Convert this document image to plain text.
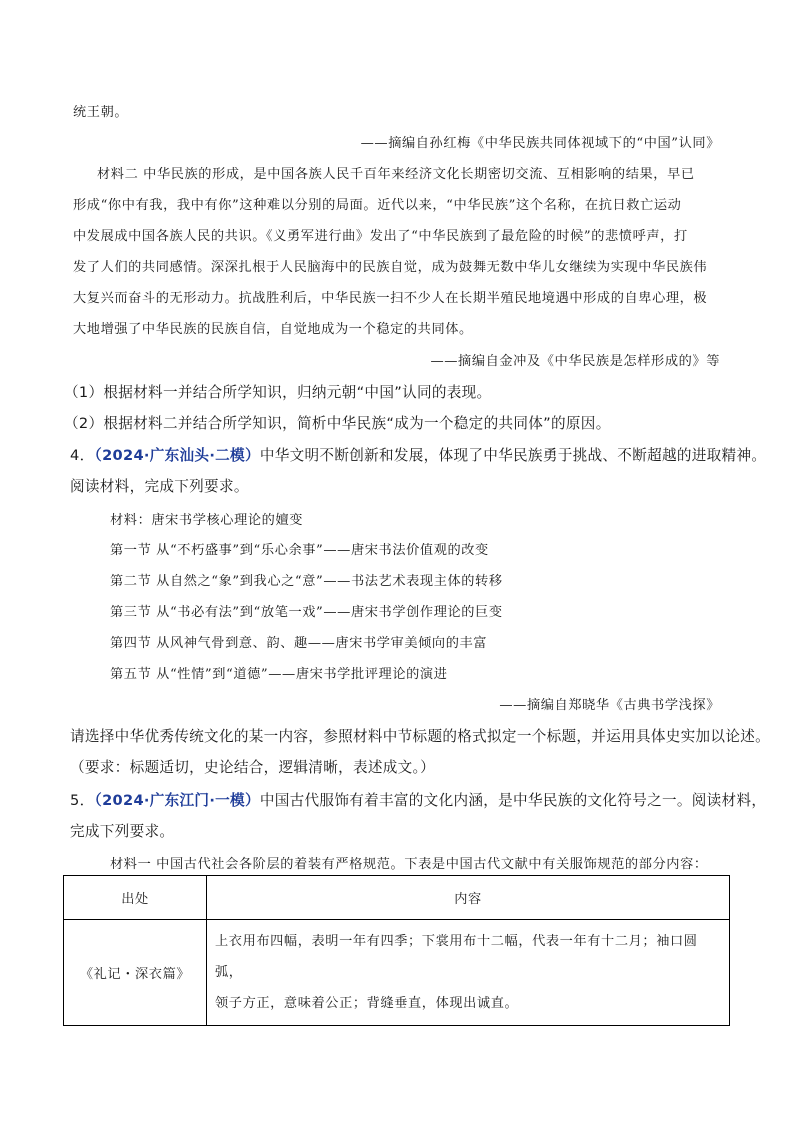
统王朝。
——摘编自孙红梅《中华民族共同体视域下的“中国”认同》
材料二 中华民族的形成，是中国各族人民千百年来经济文化长期密切交流、互相影响的结果，早已
形成“你中有我，我中有你”这种难以分别的局面。近代以来，“中华民族”这个名称，在抗日救亡运动
中发展成中国各族人民的共识。《义勇军进行曲》发出了“中华民族到了最危险的时候”的悲愤呼声，打
发了人们的共同感情。深深扎根于人民脑海中的民族自觉，成为鼓舞无数中华儿女继续为实现中华民族伟
大复兴而奋斗的无形动力。抗战胜利后，中华民族一扫不少人在长期半殖民地境遇中形成的自卑心理，极
大地增强了中华民族的民族自信，自觉地成为一个稳定的共同体。
——摘编自金冲及《中华民族是怎样形成的》等
（1）根据材料一并结合所学知识，归纳元朝“中国”认同的表现。
（2）根据材料二并结合所学知识，简析中华民族“成为一个稳定的共同体”的原因。
4．（2024·广东汕头·二模）中华文明不断创新和发展，体现了中华民族勇于挑战、不断超越的进取精神。
阅读材料，完成下列要求。
材料：唐宋书学核心理论的嬗变
第一节 从“不朽盛事”到“乐心余事”——唐宋书法价值观的改变
第二节 从自然之“象”到我心之“意”——书法艺术表现主体的转移
第三节 从“书必有法”到“放笔一戏”——唐宋书学创作理论的巨变
第四节 从风神气骨到意、韵、趣——唐宋书学审美倾向的丰富
第五节 从“性情”到“道德”——唐宋书学批评理论的演进
——摘编自郑晓华《古典书学浅探》
请选择中华优秀传统文化的某一内容，参照材料中节标题的格式拟定一个标题，并运用具体史实加以论述。
（要求：标题适切，史论结合，逻辑清晰，表述成文。）
5．（2024·广东江门·一模）中国古代服饰有着丰富的文化内涵，是中华民族的文化符号之一。阅读材料，
完成下列要求。
材料一 中国古代社会各阶层的着装有严格规范。下表是中国古代文献中有关服饰规范的部分内容：
出处	内容
《礼记・深衣篇》	上衣用布四幅，表明一年有四季；下裳用布十二幅，代表一年有十二月；袖口圆弧，
领子方正，意味着公正；背缝垂直，体现出诚直。
